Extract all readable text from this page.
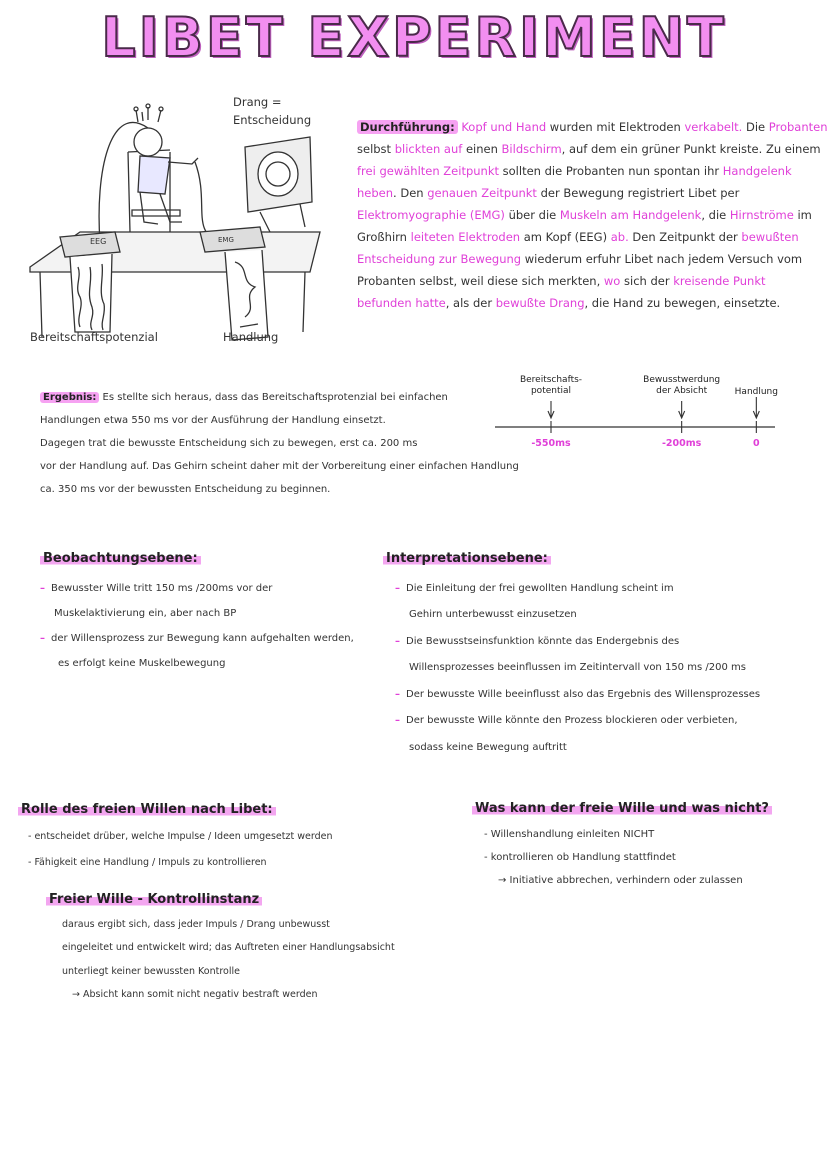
LIBET EXPERIMENT
EEG	EMG
Drang =
Entscheidung
Bereitschaftspotenzial	Handlung
Durchführung: Kopf und Hand wurden mit Elektroden verkabelt. Die Probanten
selbst blickten auf einen Bildschirm, auf dem ein grüner Punkt kreiste. Zu einem
frei gewählten Zeitpunkt sollten die Probanten nun spontan ihr Handgelenk
heben. Den genauen Zeitpunkt der Bewegung registriert Libet per
Elektromyographie (EMG) über die Muskeln am Handgelenk, die Hirnströme im
Großhirn leiteten Elektroden am Kopf (EEG) ab. Den Zeitpunkt der bewußten
Entscheidung zur Bewegung wiederum erfuhr Libet nach jedem Versuch vom
Probanten selbst, weil diese sich merkten, wo sich der kreisende Punkt
befunden hatte, als der bewußte Drang, die Hand zu bewegen, einsetzte.
Ergebnis: Es stellte sich heraus, dass das Bereitschaftsprotenzial bei einfachen
Handlungen etwa 550 ms vor der Ausführung der Handlung einsetzt.
Dagegen trat die bewusste Entscheidung sich zu bewegen, erst ca. 200 ms
vor der Handlung auf. Das Gehirn scheint daher mit der Vorbereitung einer einfachen Handlung
ca. 350 ms vor der bewussten Entscheidung zu beginnen.
Bereitschafts-
potential
-550ms
Bewusstwerdung
der Absicht
-200ms
Handlung
0
Beobachtungsebene:
– Bewusster Wille tritt 150 ms /200ms vor der
Muskelaktivierung ein, aber nach BP
– der Willensprozess zur Bewegung kann aufgehalten werden,
es erfolgt keine Muskelbewegung
Interpretationsebene:
– Die Einleitung der frei gewollten Handlung scheint im
Gehirn unterbewusst einzusetzen
– Die Bewusstseinsfunktion könnte das Endergebnis des
Willensprozesses beeinflussen im Zeitintervall von 150 ms /200 ms
– Der bewusste Wille beeinflusst also das Ergebnis des Willensprozesses
– Der bewusste Wille könnte den Prozess blockieren oder verbieten,
sodass keine Bewegung auftritt
Rolle des freien Willen nach Libet:
- entscheidet drüber, welche Impulse / Ideen umgesetzt werden
- Fähigkeit eine Handlung / Impuls zu kontrollieren
Freier Wille - Kontrollinstanz
daraus ergibt sich, dass jeder Impuls / Drang unbewusst
eingeleitet und entwickelt wird; das Auftreten einer Handlungsabsicht
unterliegt keiner bewussten Kontrolle
→ Absicht kann somit nicht negativ bestraft werden
Was kann der freie Wille und was nicht?
- Willenshandlung einleiten NICHT
- kontrollieren ob Handlung stattfindet
→ Initiative abbrechen, verhindern oder zulassen
